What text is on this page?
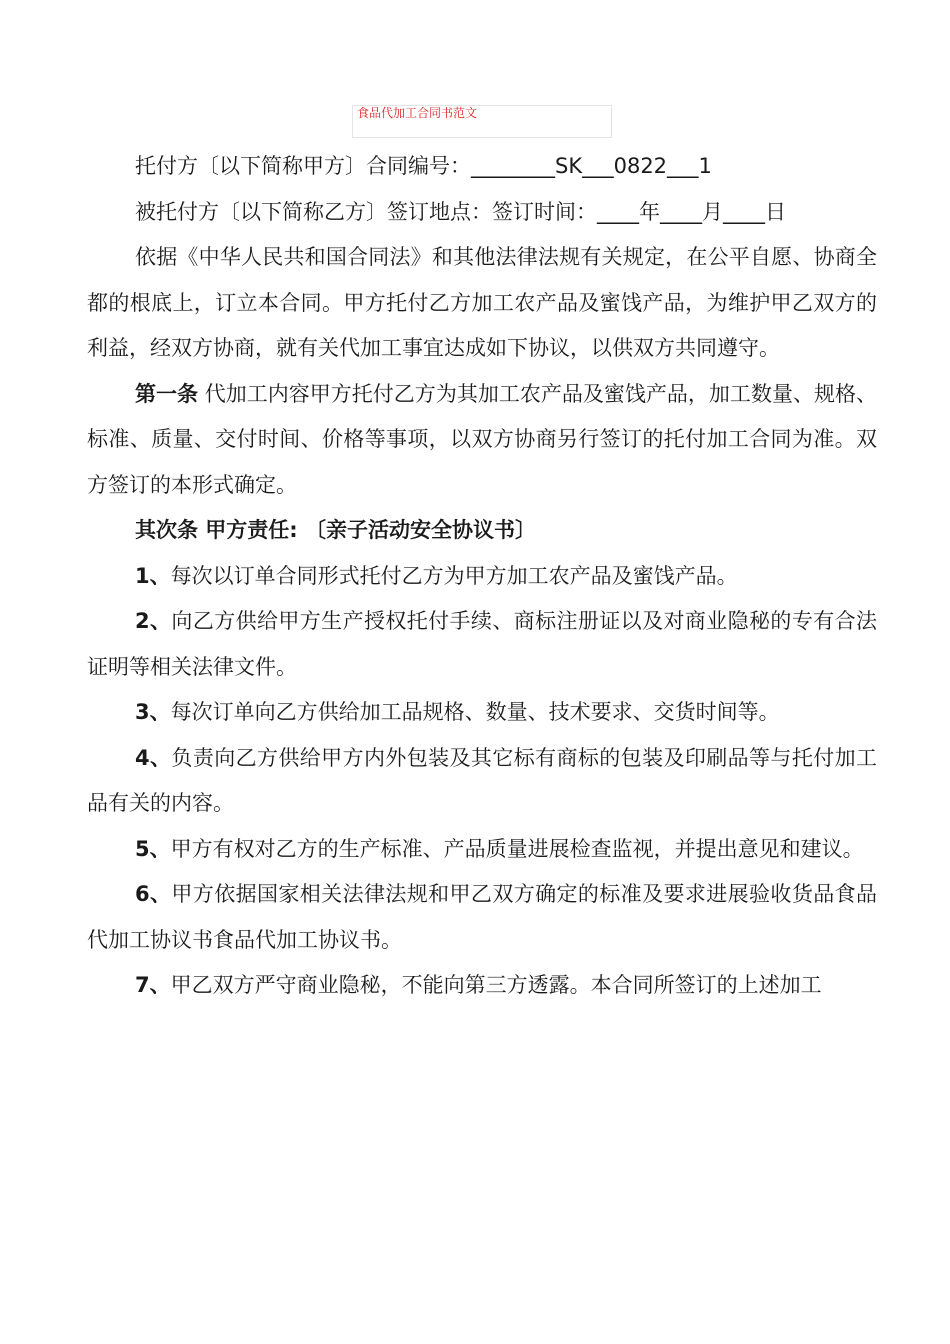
食品代加工合同书范文

托付方〔以下简称甲方〕合同编号：________SK___0822___1

被托付方〔以下简称乙方〕签订地点：签订时间：____年____月____日

依据《中华人民共和国合同法》和其他法律法规有关规定，在公平自愿、协商全都的根底上，订立本合同。甲方托付乙方加工农产品及蜜饯产品，为维护甲乙双方的利益，经双方协商，就有关代加工事宜达成如下协议，以供双方共同遵守。

第一条 代加工内容甲方托付乙方为其加工农产品及蜜饯产品，加工数量、规格、标准、质量、交付时间、价格等事项，以双方协商另行签订的托付加工合同为准。双方签订的本形式确定。

其次条 甲方责任: 〔亲子活动安全协议书〕

1、每次以订单合同形式托付乙方为甲方加工农产品及蜜饯产品。

2、向乙方供给甲方生产授权托付手续、商标注册证以及对商业隐秘的专有合法证明等相关法律文件。

3、每次订单向乙方供给加工品规格、数量、技术要求、交货时间等。

4、负责向乙方供给甲方内外包装及其它标有商标的包装及印刷品等与托付加工品有关的内容。

5、甲方有权对乙方的生产标准、产品质量进展检查监视，并提出意见和建议。

6、甲方依据国家相关法律法规和甲乙双方确定的标准及要求进展验收货品食品代加工协议书食品代加工协议书。

7、甲乙双方严守商业隐秘，不能向第三方透露。本合同所签订的上述加工
